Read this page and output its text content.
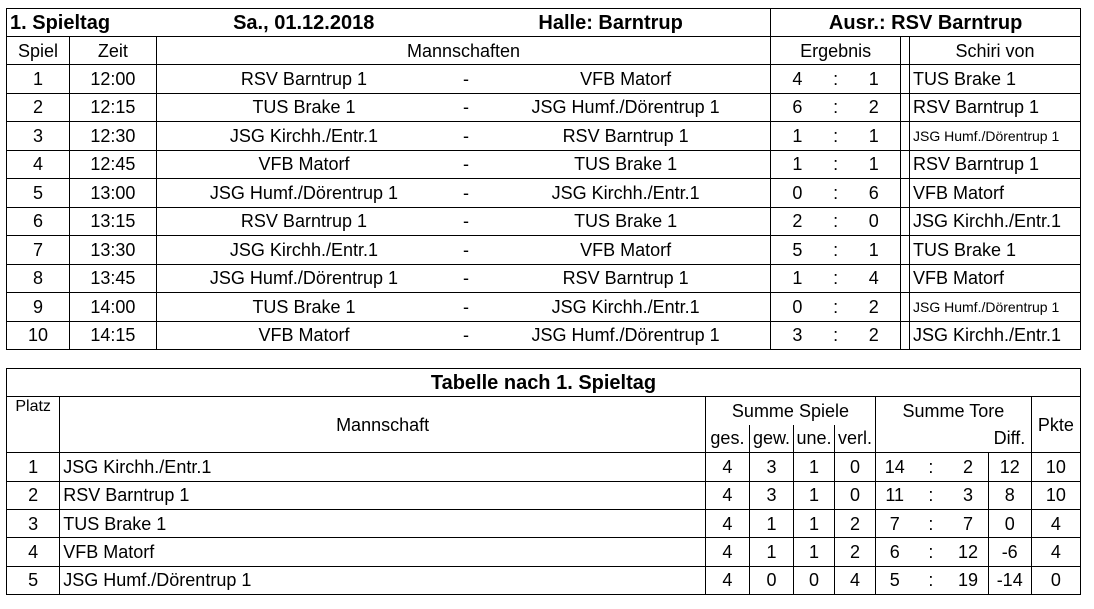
1. Spieltag		Sa., 01.12.2018	Halle: Barntrup		Ausr.: RSV Barntrup				
Spiel	Zeit	Mannschaften			Ergebnis				Schiri von
1	12:00	RSV Barntrup 1	-	VFB Matorf	4	:	1		TUS Brake 1
2	12:15	TUS Brake 1	-	JSG Humf./Dörentrup 1	6	:	2		RSV Barntrup 1
3	12:30	JSG Kirchh./Entr.1	-	RSV Barntrup 1	1	:	1		JSG Humf./Dörentrup 1
4	12:45	VFB Matorf	-	TUS Brake 1	1	:	1		RSV Barntrup 1
5	13:00	JSG Humf./Dörentrup 1	-	JSG Kirchh./Entr.1	0	:	6		VFB Matorf
6	13:15	RSV Barntrup 1	-	TUS Brake 1	2	:	0		JSG Kirchh./Entr.1
7	13:30	JSG Kirchh./Entr.1	-	VFB Matorf	5	:	1		TUS Brake 1
8	13:45	JSG Humf./Dörentrup 1	-	RSV Barntrup 1	1	:	4		VFB Matorf
9	14:00	TUS Brake 1	-	JSG Kirchh./Entr.1	0	:	2		JSG Humf./Dörentrup 1
10	14:15	VFB Matorf	-	JSG Humf./Dörentrup 1	3	:	2		JSG Kirchh./Entr.1
Tabelle nach 1. Spieltag										
Platz	Mannschaft	Summe Spiele				Summe Tore				Pkte
		ges.	gew.	une.	verl.				Diff.	
1	JSG Kirchh./Entr.1	4	3	1	0	14	:	2	12	10
2	RSV Barntrup 1	4	3	1	0	11	:	3	8	10
3	TUS Brake 1	4	1	1	2	7	:	7	0	4
4	VFB Matorf	4	1	1	2	6	:	12	-6	4
5	JSG Humf./Dörentrup 1	4	0	0	4	5	:	19	-14	0
